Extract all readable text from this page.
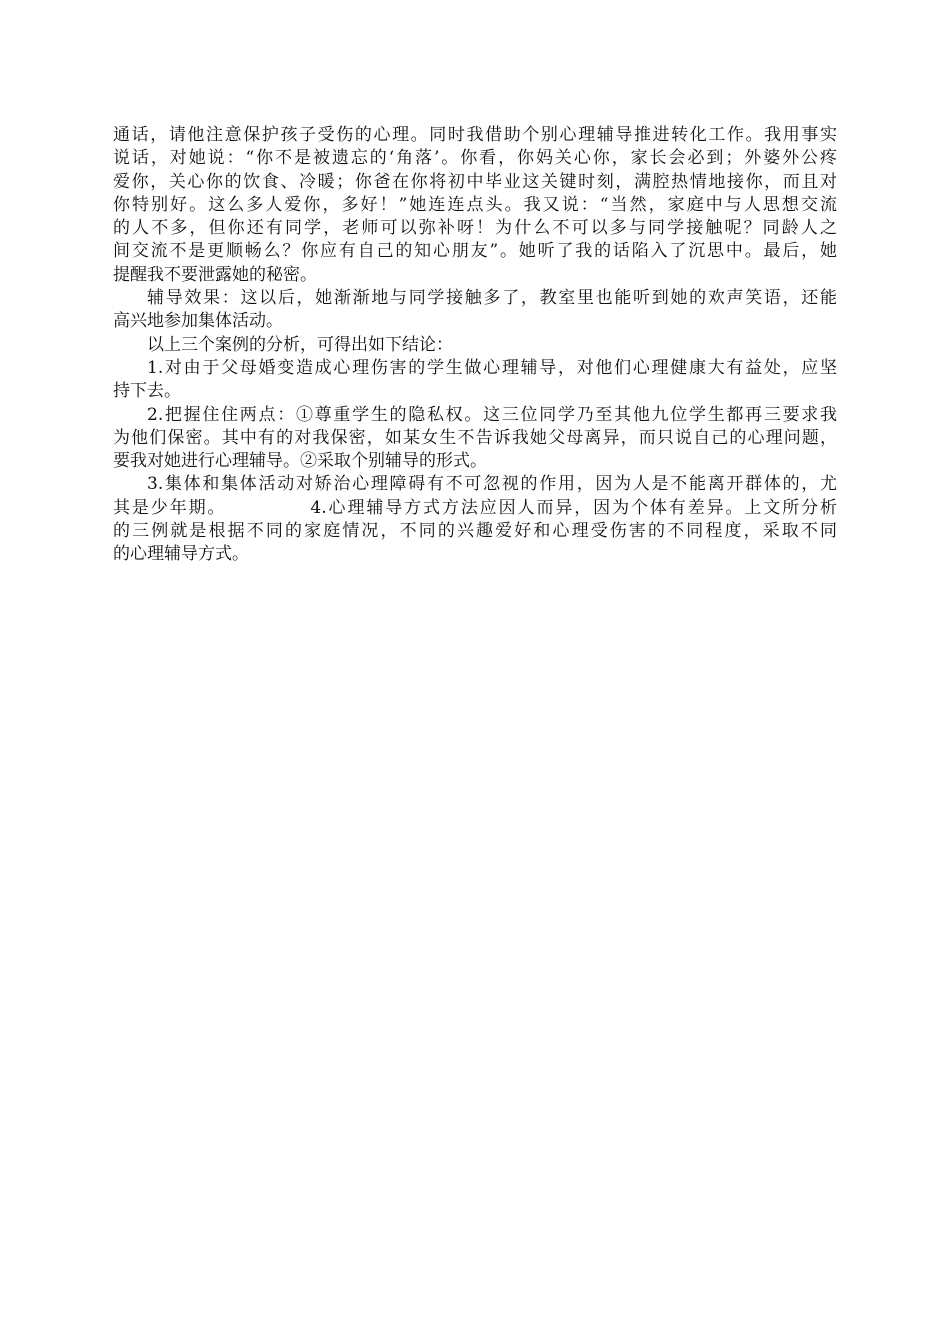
通话，请他注意保护孩子受伤的心理。同时我借助个别心理辅导推进转化工作。我用事实
说话，对她说：“你不是被遗忘的‘角落’。你看，你妈关心你，家长会必到；外婆外公疼
爱你，关心你的饮食、冷暖；你爸在你将初中毕业这关键时刻，满腔热情地接你，而且对
你特别好。这么多人爱你，多好！”她连连点头。我又说：“当然，家庭中与人思想交流
的人不多，但你还有同学，老师可以弥补呀！为什么不可以多与同学接触呢？同龄人之
间交流不是更顺畅么？你应有自己的知心朋友”。她听了我的话陷入了沉思中。最后，她
提醒我不要泄露她的秘密。
辅导效果：这以后，她渐渐地与同学接触多了，教室里也能听到她的欢声笑语，还能
高兴地参加集体活动。
以上三个案例的分析，可得出如下结论：
1.对由于父母婚变造成心理伤害的学生做心理辅导，对他们心理健康大有益处，应坚
持下去。
2.把握住住两点：①尊重学生的隐私权。这三位同学乃至其他九位学生都再三要求我
为他们保密。其中有的对我保密，如某女生不告诉我她父母离异，而只说自己的心理问题，
要我对她进行心理辅导。②采取个别辅导的形式。
3.集体和集体活动对矫治心理障碍有不可忽视的作用，因为人是不能离开群体的，尤
其是少年期。	4.心理辅导方式方法应因人而异，因为个体有差异。上文所分析
的三例就是根据不同的家庭情况，不同的兴趣爱好和心理受伤害的不同程度，采取不同
的心理辅导方式。
